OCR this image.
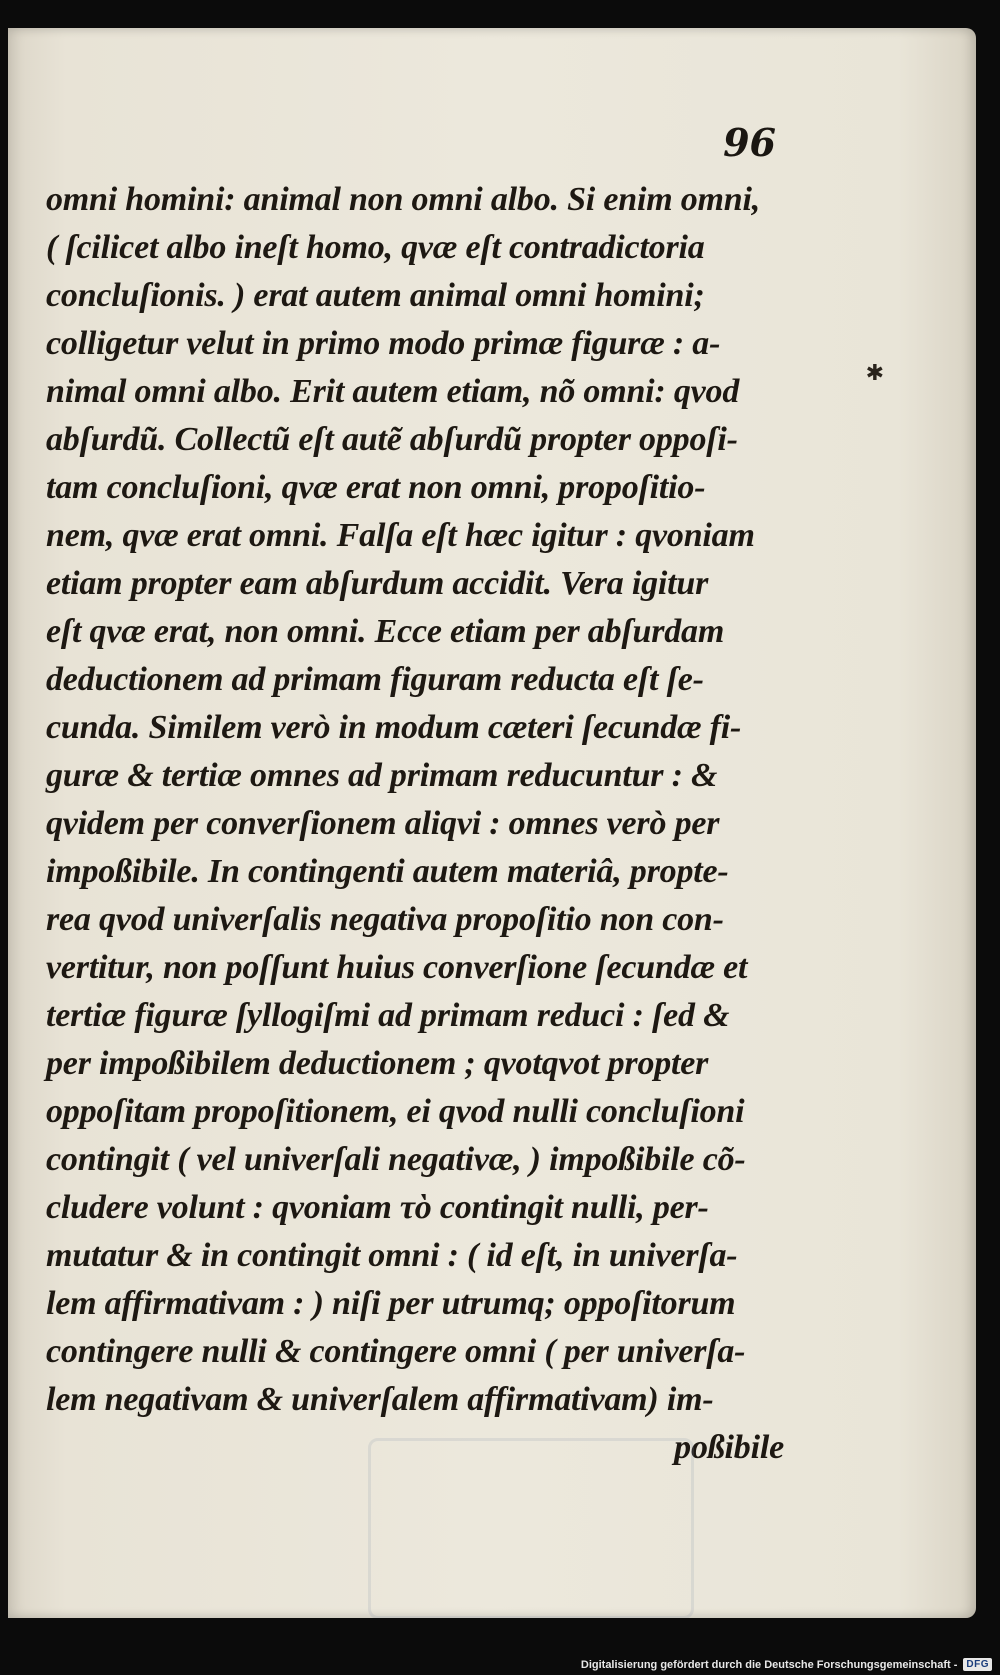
96
✱
omni homini: animal non omni albo. Si enim omni,
( ſcilicet albo ineſt homo, qvæ eſt contradictoria
concluſionis. ) erat autem animal omni homini;
colligetur velut in primo modo primæ figuræ : a-
nimal omni albo. Erit autem etiam, nõ omni: qvod
abſurdũ. Collectũ eſt autẽ abſurdũ propter oppoſi-
tam concluſioni, qvæ erat non omni, propoſitio-
nem, qvæ erat omni. Falſa eſt hæc igitur : qvoniam
etiam propter eam abſurdum accidit. Vera igitur
eſt qvæ erat, non omni. Ecce etiam per abſurdam
deductionem ad primam figuram reducta eſt ſe-
cunda. Similem verò in modum cæteri ſecundæ fi-
guræ & tertiæ omnes ad primam reducuntur : &
qvidem per converſionem aliqvi : omnes verò per
impoßibile. In contingenti autem materiâ, propte-
rea qvod univerſalis negativa propoſitio non con-
vertitur, non poſſunt huius converſione ſecundæ et
tertiæ figuræ ſyllogiſmi ad primam reduci : ſed &
per impoßibilem deductionem ; qvotqvot propter
oppoſitam propoſitionem, ei qvod nulli concluſioni
contingit ( vel univerſali negativæ, ) impoßibile cõ-
cludere volunt : qvoniam τὸ contingit nulli, per-
mutatur & in contingit omni : ( id eſt, in univerſa-
lem affirmativam : ) niſi per utrumq; oppoſitorum
contingere nulli & contingere omni ( per univerſa-
lem negativam & univerſalem affirmativam) im-
poßibile
Digitalisierung gefördert durch die Deutsche Forschungsgemeinschaft - DFG
